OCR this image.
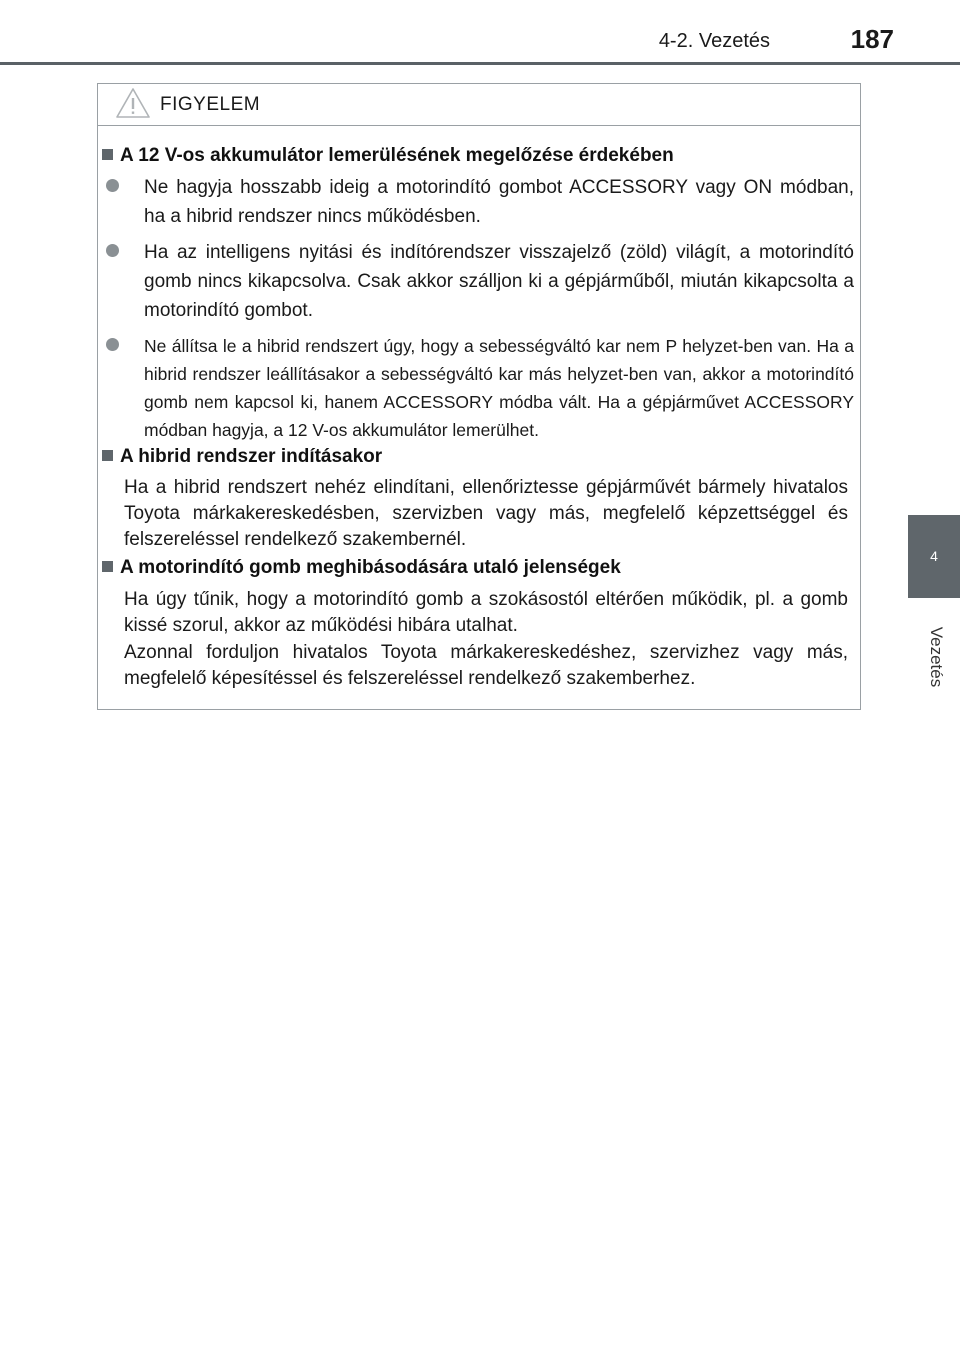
4-2. Vezetés	187
4
Vezetés
FIGYELEM
A 12 V-os akkumulátor lemerülésének megelőzése érdekében
Ne hagyja hosszabb ideig a motorindító gombot ACCESSORY vagy ON módban, ha a hibrid rendszer nincs működésben.
Ha az intelligens nyitási és indítórendszer visszajelző (zöld) világít, a motorindító gomb nincs kikapcsolva. Csak akkor szálljon ki a gépjárműből, miután kikapcsolta a motorindító gombot.
Ne állítsa le a hibrid rendszert úgy, hogy a sebességváltó kar nem P helyzet-ben van. Ha a hibrid rendszer leállításakor a sebességváltó kar más helyzet-ben van, akkor a motorindító gomb nem kapcsol ki, hanem ACCESSORY módba vált. Ha a gépjárművet ACCESSORY módban hagyja, a 12 V-os akkumulátor lemerülhet.
A hibrid rendszer indításakor
Ha a hibrid rendszert nehéz elindítani, ellenőriztesse gépjárművét bármely hivatalos Toyota márkakereskedésben, szervizben vagy más, megfelelő képzettséggel és felszereléssel rendelkező szakembernél.
A motorindító gomb meghibásodására utaló jelenségek
Ha úgy tűnik, hogy a motorindító gomb a szokásostól eltérően működik, pl. a gomb kissé szorul, akkor az működési hibára utalhat.
Azonnal forduljon hivatalos Toyota márkakereskedéshez, szervizhez vagy más, megfelelő képesítéssel és felszereléssel rendelkező szakemberhez.
